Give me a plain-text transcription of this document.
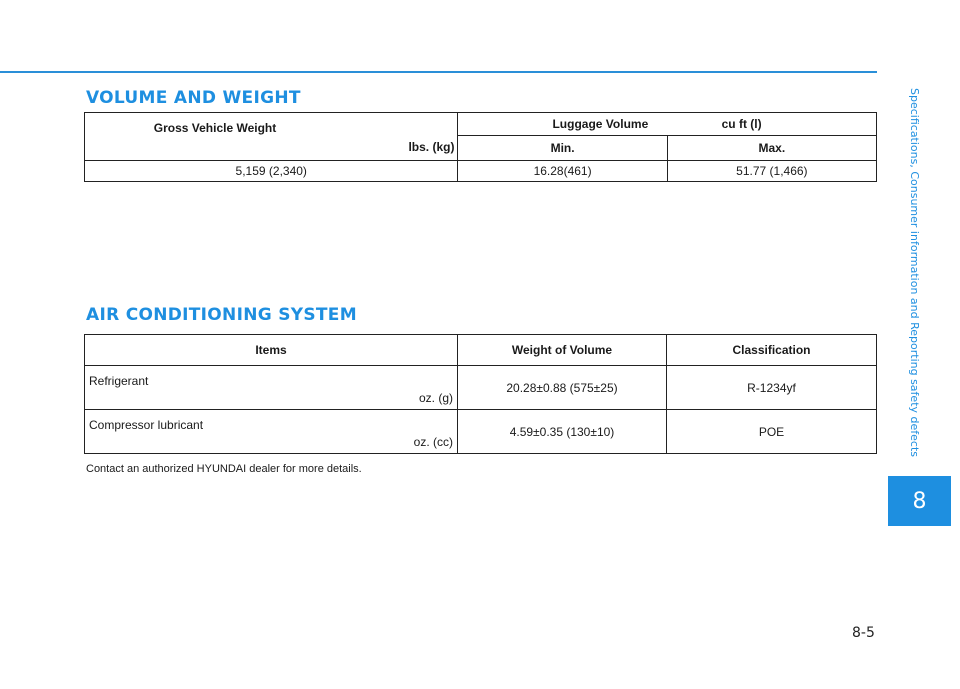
VOLUME AND WEIGHT
Gross Vehicle Weight
lbs. (kg)	Luggage Volume cu ft (l)	
	Min.	Max.
5,159 (2,340)	16.28(461)	51.77 (1,466)
AIR CONDITIONING SYSTEM
Items	Weight of Volume	Classification

Refrigerant
oz. (g)	20.28±0.88 (575±25)	R-1234yf

Compressor lubricant
oz. (cc)	4.59±0.35 (130±10)	POE

Contact an authorized HYUNDAI dealer for more details.

Specifications, Consumer information and Reporting safety defects
8
8-5
